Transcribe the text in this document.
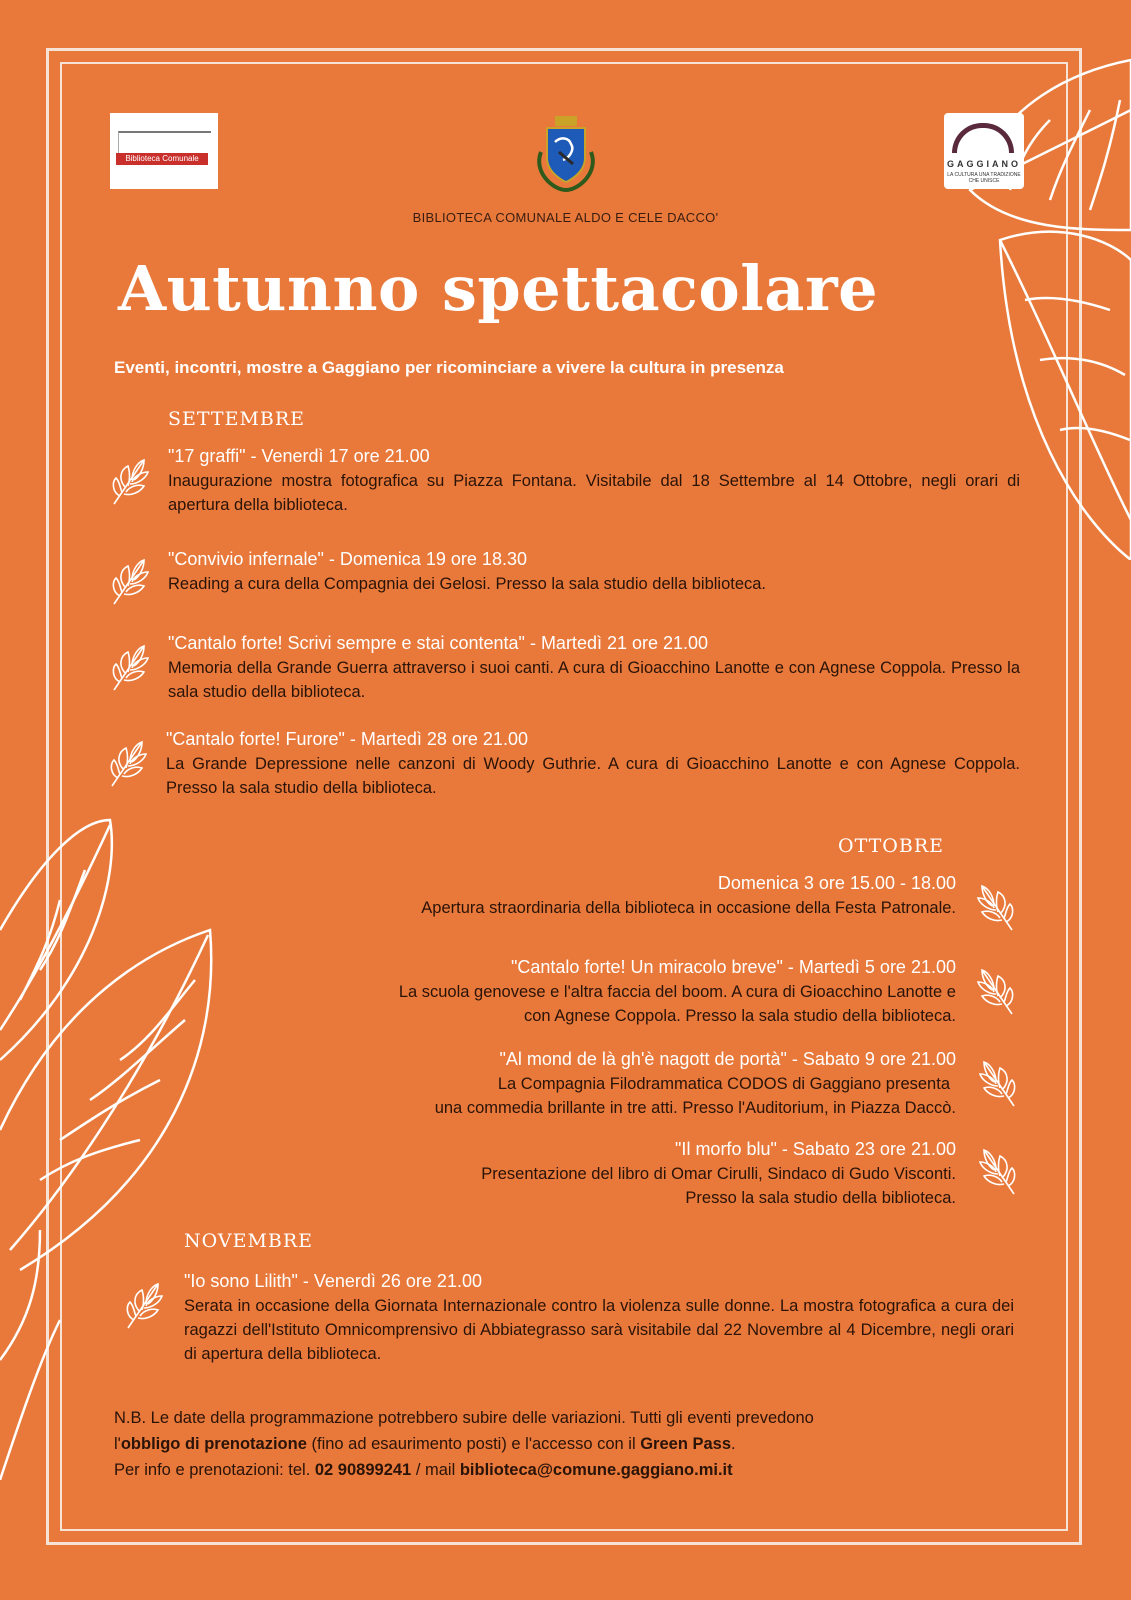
Biblioteca Comunale
GAGGIANO
LA CULTURA UNA TRADIZIONE CHE UNISCE
BIBLIOTECA COMUNALE ALDO E CELE DACCO'
Autunno spettacolare
Eventi, incontri, mostre a Gaggiano per ricominciare a vivere la cultura in presenza
SETTEMBRE
"17 graffi" - Venerdì 17 ore 21.00
Inaugurazione mostra fotografica su Piazza Fontana. Visitabile dal 18 Settembre al 14 Ottobre, negli orari di apertura della biblioteca.
"Convivio infernale" - Domenica 19 ore 18.30
Reading a cura della Compagnia dei Gelosi. Presso la sala studio della biblioteca.
"Cantalo forte! Scrivi sempre e stai contenta" - Martedì 21 ore 21.00
Memoria della Grande Guerra attraverso i suoi canti. A cura di Gioacchino Lanotte e con Agnese Coppola. Presso la sala studio della biblioteca.
"Cantalo forte! Furore" - Martedì 28 ore 21.00
La Grande Depressione nelle canzoni di Woody Guthrie. A cura di Gioacchino Lanotte e con Agnese Coppola. Presso la sala studio della biblioteca.
OTTOBRE
Domenica 3 ore 15.00 - 18.00
Apertura straordinaria della biblioteca in occasione della Festa Patronale.
"Cantalo forte! Un miracolo breve" - Martedì 5 ore 21.00
La scuola genovese e l'altra faccia del boom. A cura di Gioacchino Lanotte e
con Agnese Coppola. Presso la sala studio della biblioteca.
"Al mond de là gh'è nagott de portà" - Sabato 9 ore 21.00
La Compagnia Filodrammatica CODOS di Gaggiano presenta
una commedia brillante in tre atti. Presso l'Auditorium, in Piazza Daccò.
"Il morfo blu" - Sabato 23 ore 21.00
Presentazione del libro di Omar Cirulli, Sindaco di Gudo Visconti.
Presso la sala studio della biblioteca.
NOVEMBRE
"Io sono Lilith" - Venerdì 26 ore 21.00
Serata in occasione della Giornata Internazionale contro la violenza sulle donne. La mostra fotografica a cura dei ragazzi dell'Istituto Omnicomprensivo di Abbiategrasso sarà visitabile dal 22 Novembre al 4 Dicembre, negli orari di apertura della biblioteca.
N.B. Le date della programmazione potrebbero subire delle variazioni. Tutti gli eventi prevedono
l'obbligo di prenotazione (fino ad esaurimento posti) e l'accesso con il Green Pass.
Per info e prenotazioni: tel. 02 90899241 / mail biblioteca@comune.gaggiano.mi.it
